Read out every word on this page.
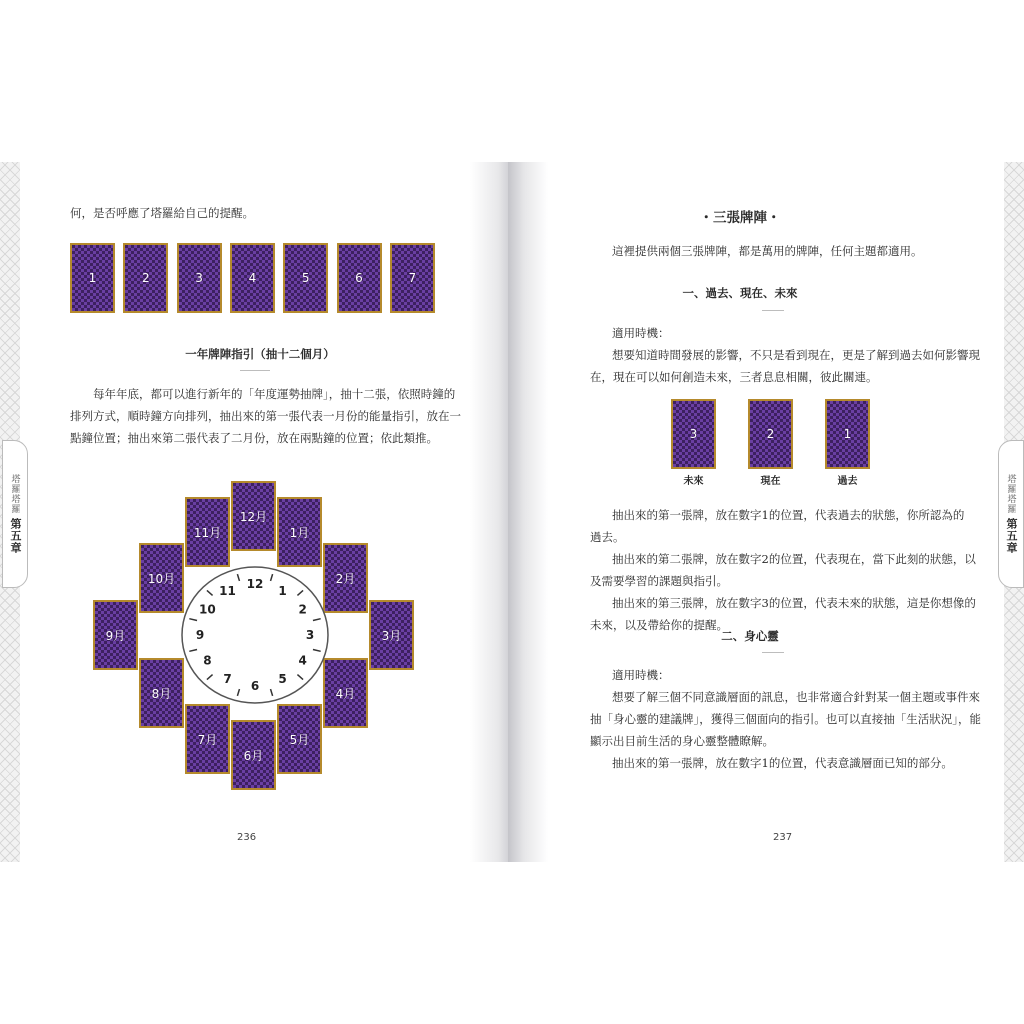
塔羅塔羅
第五章
塔羅塔羅
第五章
何，是否呼應了塔羅給自己的提醒。
1	2	3	4	5	6	7
一年牌陣指引（抽十二個月）
每年年底，都可以進行新年的「年度運勢抽牌」，抽十二張，依照時鐘的
排列方式，順時鐘方向排列，抽出來的第一張代表一月份的能量指引，放在一
點鐘位置；抽出來第二張代表了二月份，放在兩點鐘的位置；依此類推。
1月
2月
3月
4月
5月
6月
7月
8月
9月
10月
11月
12月
12 1
2
3
4
5
6
7
8
9
10
11
236
・三張牌陣・
這裡提供兩個三張牌陣，都是萬用的牌陣，任何主題都適用。
一、過去、現在、未來
適用時機：
想要知道時間發展的影響，不只是看到現在，更是了解到過去如何影響現
在，現在可以如何創造未來，三者息息相關，彼此關連。
3
未來
2
現在
1
過去
抽出來的第一張牌，放在數字1的位置，代表過去的狀態，你所認為的
過去。
抽出來的第二張牌，放在數字2的位置，代表現在，當下此刻的狀態，以
及需要學習的課題與指引。
抽出來的第三張牌，放在數字3的位置，代表未來的狀態，這是你想像的
未來，以及帶給你的提醒。
二、身心靈
適用時機：
想要了解三個不同意識層面的訊息，也非常適合針對某一個主題或事件來
抽「身心靈的建議牌」，獲得三個面向的指引。也可以直接抽「生活狀況」，能
顯示出目前生活的身心靈整體瞭解。
抽出來的第一張牌，放在數字1的位置，代表意識層面已知的部分。
237
